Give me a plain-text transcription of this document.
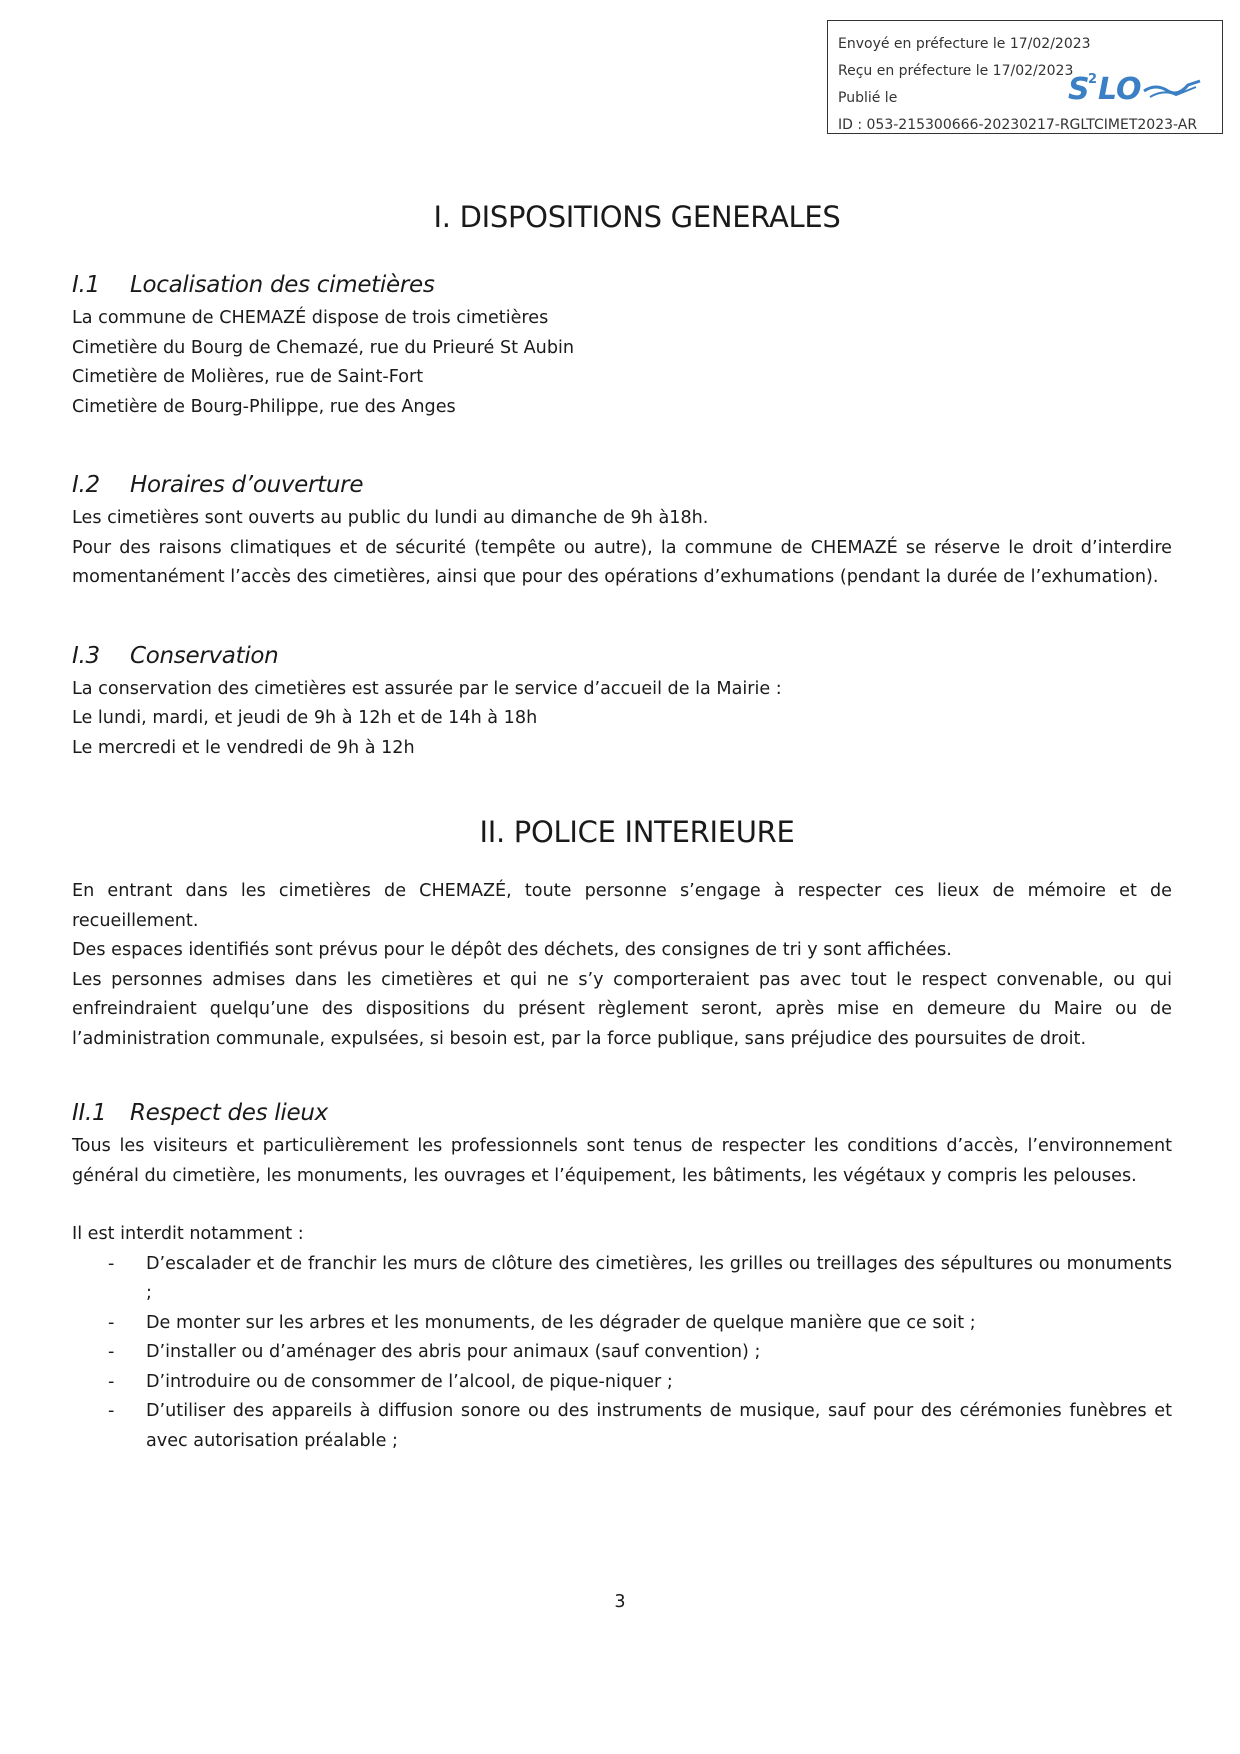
Envoyé en préfecture le 17/02/2023
Reçu en préfecture le 17/02/2023
Publié le
ID : 053-215300666-20230217-RGLTCIMET2023-AR
S
2 LO
I. DISPOSITIONS GENERALES
I.1 Localisation des cimetières

La commune de CHEMAZÉ dispose de trois cimetières

Cimetière du Bourg de Chemazé, rue du Prieuré St Aubin

Cimetière de Molières, rue de Saint-Fort

Cimetière de Bourg-Philippe, rue des Anges

I.2 Horaires d’ouverture

Les cimetières sont ouverts au public du lundi au dimanche de 9h à18h.

Pour des raisons climatiques et de sécurité (tempête ou autre), la commune de CHEMAZÉ se réserve le droit d’interdire momentanément l’accès des cimetières, ainsi que pour des opérations d’exhumations (pendant la durée de l’exhumation).

I.3 Conservation

La conservation des cimetières est assurée par le service d’accueil de la Mairie :

Le lundi, mardi, et jeudi de 9h à 12h et de 14h à 18h

Le mercredi et le vendredi de 9h à 12h

II. POLICE INTERIEURE

En entrant dans les cimetières de CHEMAZÉ, toute personne s’engage à respecter ces lieux de mémoire et de recueillement.

Des espaces identifiés sont prévus pour le dépôt des déchets, des consignes de tri y sont affichées.

Les personnes admises dans les cimetières et qui ne s’y comporteraient pas avec tout le respect convenable, ou qui enfreindraient quelqu’une des dispositions du présent règlement seront, après mise en demeure du Maire ou de l’administration communale, expulsées, si besoin est, par la force publique, sans préjudice des poursuites de droit.

II.1 Respect des lieux

Tous les visiteurs et particulièrement les professionnels sont tenus de respecter les conditions d’accès, l’environnement général du cimetière, les monuments, les ouvrages et l’équipement, les bâtiments, les végétaux y compris les pelouses.

Il est interdit notamment :

- D’escalader et de franchir les murs de clôture des cimetières, les grilles ou treillages des sépultures ou monuments ;
- De monter sur les arbres et les monuments, de les dégrader de quelque manière que ce soit ;
- D’installer ou d’aménager des abris pour animaux (sauf convention) ;
- D’introduire ou de consommer de l’alcool, de pique-niquer ;
- D’utiliser des appareils à diffusion sonore ou des instruments de musique, sauf pour des cérémonies funèbres et avec autorisation préalable ;
3
